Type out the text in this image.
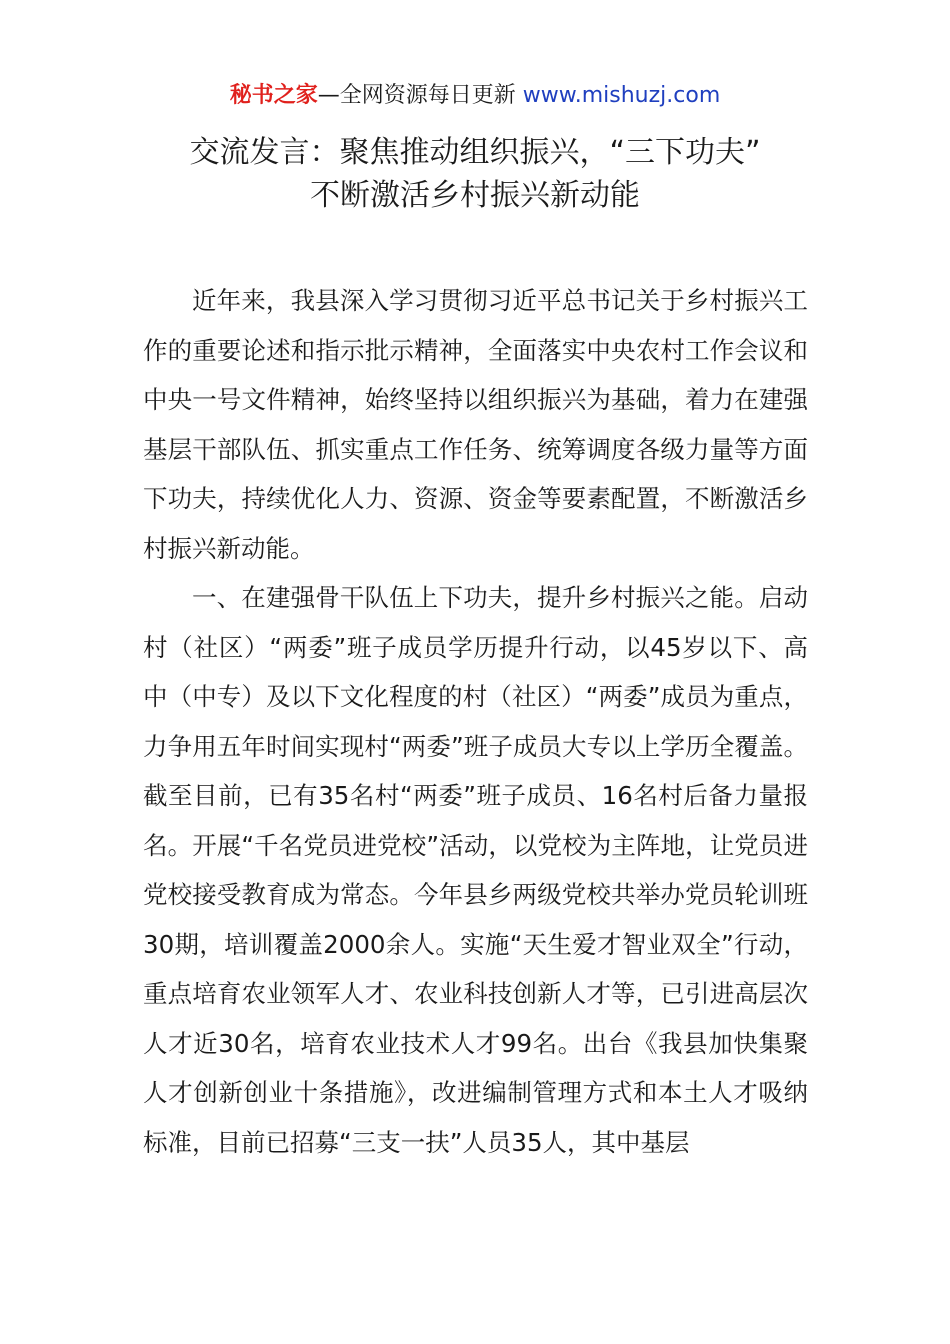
秘书之家—全网资源每日更新 www.mishuzj.com
交流发言：聚焦推动组织振兴，“三下功夫”
不断激活乡村振兴新动能

近年来，我县深入学习贯彻习近平总书记关于乡村振兴工作的重要论述和指示批示精神，全面落实中央农村工作会议和中央一号文件精神，始终坚持以组织振兴为基础，着力在建强基层干部队伍、抓实重点工作任务、统筹调度各级力量等方面下功夫，持续优化人力、资源、资金等要素配置，不断激活乡村振兴新动能。

一、在建强骨干队伍上下功夫，提升乡村振兴之能。启动村（社区）“两委”班子成员学历提升行动，以45岁以下、高中（中专）及以下文化程度的村（社区）“两委”成员为重点，力争用五年时间实现村“两委”班子成员大专以上学历全覆盖。截至目前，已有35名村“两委”班子成员、16名村后备力量报名。开展“千名党员进党校”活动，以党校为主阵地，让党员进党校接受教育成为常态。今年县乡两级党校共举办党员轮训班30期，培训覆盖2000余人。实施“天生爱才智业双全”行动，重点培育农业领军人才、农业科技创新人才等，已引进高层次人才近30名，培育农业技术人才99名。出台《我县加快集聚人才创新创业十条措施》，改进编制管理方式和本土人才吸纳标准，目前已招募“三支一扶”人员35人，其中基层
